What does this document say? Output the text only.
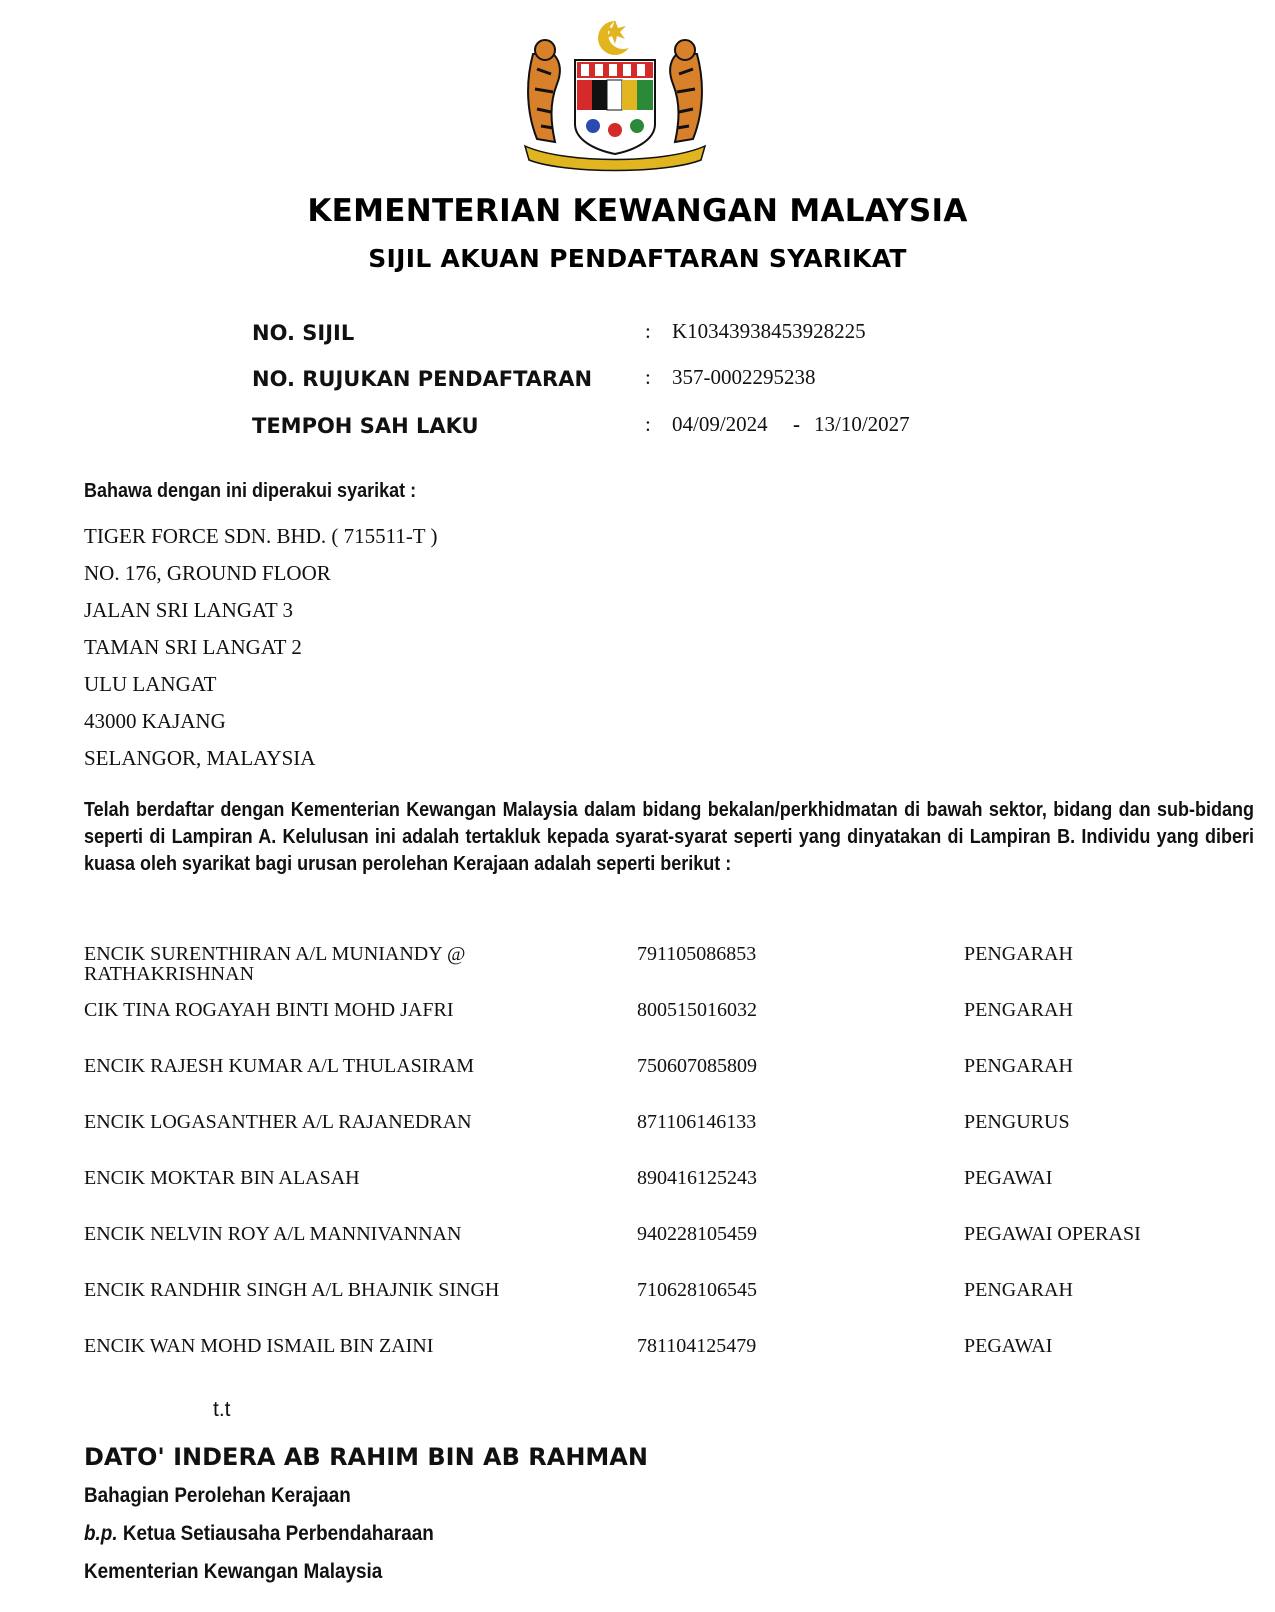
KEMENTERIAN KEWANGAN MALAYSIA
SIJIL AKUAN PENDAFTARAN SYARIKAT
NO. SIJIL	: K10343938453928225
NO. RUJUKAN PENDAFTARAN	: 357-0002295238
TEMPOH SAH LAKU	: 04/09/2024 - 13/10/2027
Bahawa dengan ini diperakui syarikat :
TIGER FORCE SDN. BHD. ( 715511-T )
NO. 176, GROUND FLOOR
JALAN SRI LANGAT 3
TAMAN SRI LANGAT 2
ULU LANGAT
43000 KAJANG
SELANGOR, MALAYSIA
Telah berdaftar dengan Kementerian Kewangan Malaysia dalam bidang bekalan/perkhidmatan di bawah sektor, bidang dan sub-bidang seperti di Lampiran A. Kelulusan ini adalah tertakluk kepada syarat-syarat seperti yang dinyatakan di Lampiran B. Individu yang diberi kuasa oleh syarikat bagi urusan perolehan Kerajaan adalah seperti berikut :
ENCIK SURENTHIRAN A/L MUNIANDY @ RATHAKRISHNAN
791105086853	PENGARAH
CIK TINA ROGAYAH BINTI MOHD JAFRI	800515016032	PENGARAH
ENCIK RAJESH KUMAR A/L THULASIRAM	750607085809	PENGARAH
ENCIK LOGASANTHER A/L RAJANEDRAN	871106146133	PENGURUS
ENCIK MOKTAR BIN ALASAH	890416125243	PEGAWAI
ENCIK NELVIN ROY A/L MANNIVANNAN	940228105459	PEGAWAI OPERASI
ENCIK RANDHIR SINGH A/L BHAJNIK SINGH	710628106545	PENGARAH
ENCIK WAN MOHD ISMAIL BIN ZAINI	781104125479	PEGAWAI
t.t
DATO' INDERA AB RAHIM BIN AB RAHMAN
Bahagian Perolehan Kerajaan
b.p. Ketua Setiausaha Perbendaharaan
Kementerian Kewangan Malaysia
